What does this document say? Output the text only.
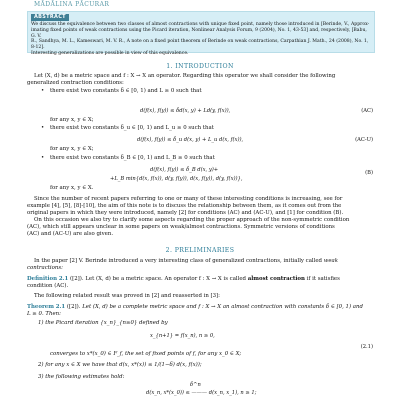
MĂDĂLINA PĂCURAR
ABSTRACT
We discuss the equivalence between two classes of almost contractions with unique fixed point, namely those introduced in [Berinde, V., Approx-
imating fixed points of weak contractions using the Picard iteration, Nonlinear Analysis Forum, 9 (2004), No. 1, 43-53] and, respectively, [Babu, G. V.
R., Sandhya, M. L., Kameswari, M. V. R., A note on a fixed point theorem of Berinde on weak contractions, Carpathian J. Math., 24 (2008), No. 1, 8-12].
Interesting generalizations are possible in view of this equivalence.
1. INTRODUCTION
Let (X, d) be a metric space and f : X → X an operator. Regarding this operator we shall consider the following
generalized contraction conditions:
• there exist two constants δ ∈ [0, 1) and L ≥ 0 such that
d(f(x), f(y)) ≤ δd(x, y) + Ld(y, f(x)),	(AC)
for any x, y ∈ X;
• there exist two constants δ_u ∈ [0, 1) and L_u ≥ 0 such that
d(f(x), f(y)) ≤ δ_u d(x, y) + L_u d(x, f(x)),	(AC-U)
for any x, y ∈ X;
• there exist two constants δ_B ∈ [0, 1) and L_B ≥ 0 such that
d(f(x), f(y)) ≤ δ_B d(x, y)+
+L_B min{d(x, f(x)), d(y, f(y)), d(x, f(y)), d(y, f(x))},
(B)
for any x, y ∈ X.
Since the number of recent papers referring to one or many of these interesting conditions is increasing, see for
example [4], [5], [8]-[10], the aim of this note is to discuss the relationship between them, as it comes out from the
original papers in which they were introduced, namely [2] for conditions (AC) and (AC-U), and [1] for condition (B).
On this occasion we also try to clarify some aspects regarding the proper approach of the non-symmetric condition
(AC), which still appears unclear in some papers on weak/almost contractions. Symmetric versions of conditions
(AC) and (AC-U) are also given.
2. PRELIMINARIES
In the paper [2] V. Berinde introduced a very interesting class of generalized contractions, initially called weak
contractions:
Definition 2.1 ([2]). Let (X, d) be a metric space. An operator f : X → X is called almost contraction if it satisfies
condition (AC).
The following related result was proved in [2] and reasserted in [3]:
Theorem 2.1 ([2]). Let (X, d) be a complete metric space and f : X → X an almost contraction with constants δ ∈ [0, 1) and
L ≥ 0. Then:
1) the Picard iteration {x_n}_{n≥0} defined by
x_{n+1} = f(x_n), n ≥ 0,
(2.1)
converges to x*(x_0) ∈ F_f, the set of fixed points of f, for any x_0 ∈ X;
2) for any x ∈ X we have that d(x, x*(x)) ≤ 1/(1−δ) d(x, f(x));
3) the following estimates hold:
δ^n
d(x_n, x*(x_0)) ≤ ——— d(x_n, x_1), n ≥ 1;
